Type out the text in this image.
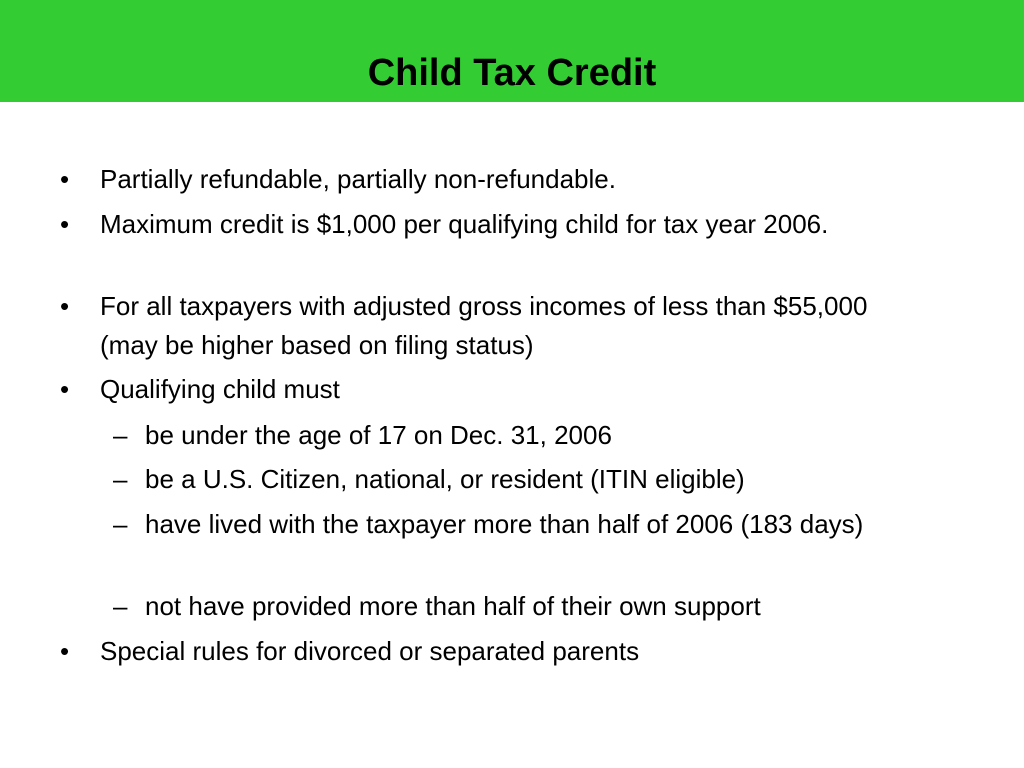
Child Tax Credit
• Partially refundable, partially non-refundable.
• Maximum credit is $1,000 per qualifying child for tax year 2006.
• For all taxpayers with adjusted gross incomes of less than $55,000 (may be higher based on filing status)
• Qualifying child must
– be under the age of 17 on Dec. 31, 2006
– be a U.S. Citizen, national, or resident (ITIN eligible)
– have lived with the taxpayer more than half of 2006 (183 days)
– not have provided more than half of their own support
• Special rules for divorced or separated parents
